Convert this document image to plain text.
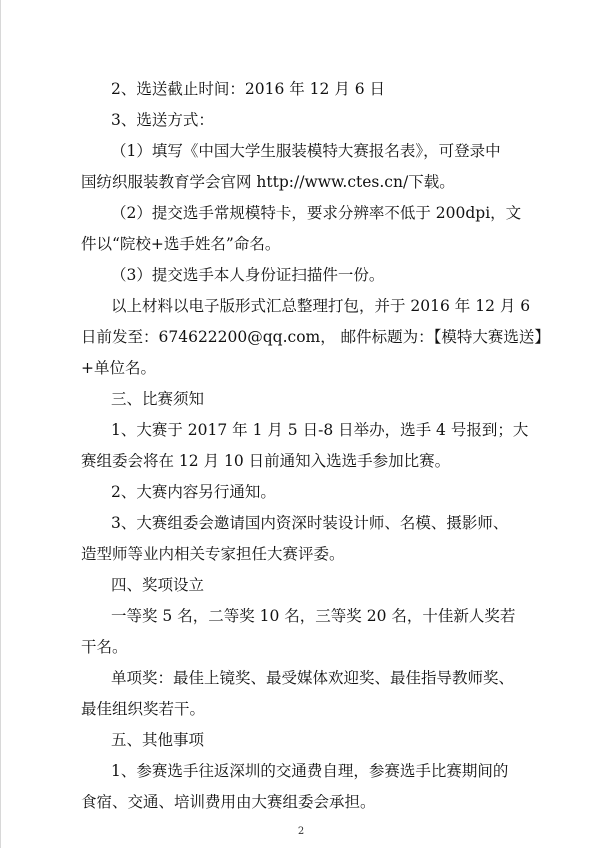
2、选送截止时间：2016 年 12 月 6 日

3、选送方式：

（1）填写《中国大学生服装模特大赛报名表》，可登录中

国纺织服装教育学会官网 http://www.ctes.cn/下载。

（2）提交选手常规模特卡，要求分辨率不低于 200dpi，文

件以“院校+选手姓名”命名。

（3）提交选手本人身份证扫描件一份。

以上材料以电子版形式汇总整理打包，并于 2016 年 12 月 6

日前发至：674622200@qq.com， 邮件标题为：【模特大赛选送】

+单位名。

三、比赛须知

1、大赛于 2017 年 1 月 5 日-8 日举办，选手 4 号报到；大

赛组委会将在 12 月 10 日前通知入选选手参加比赛。

2、大赛内容另行通知。

3、大赛组委会邀请国内资深时装设计师、名模、摄影师、

造型师等业内相关专家担任大赛评委。

四、奖项设立

一等奖 5 名，二等奖 10 名，三等奖 20 名，十佳新人奖若

干名。

单项奖：最佳上镜奖、最受媒体欢迎奖、最佳指导教师奖、

最佳组织奖若干。

五、其他事项

1、参赛选手往返深圳的交通费自理，参赛选手比赛期间的

食宿、交通、培训费用由大赛组委会承担。

2
